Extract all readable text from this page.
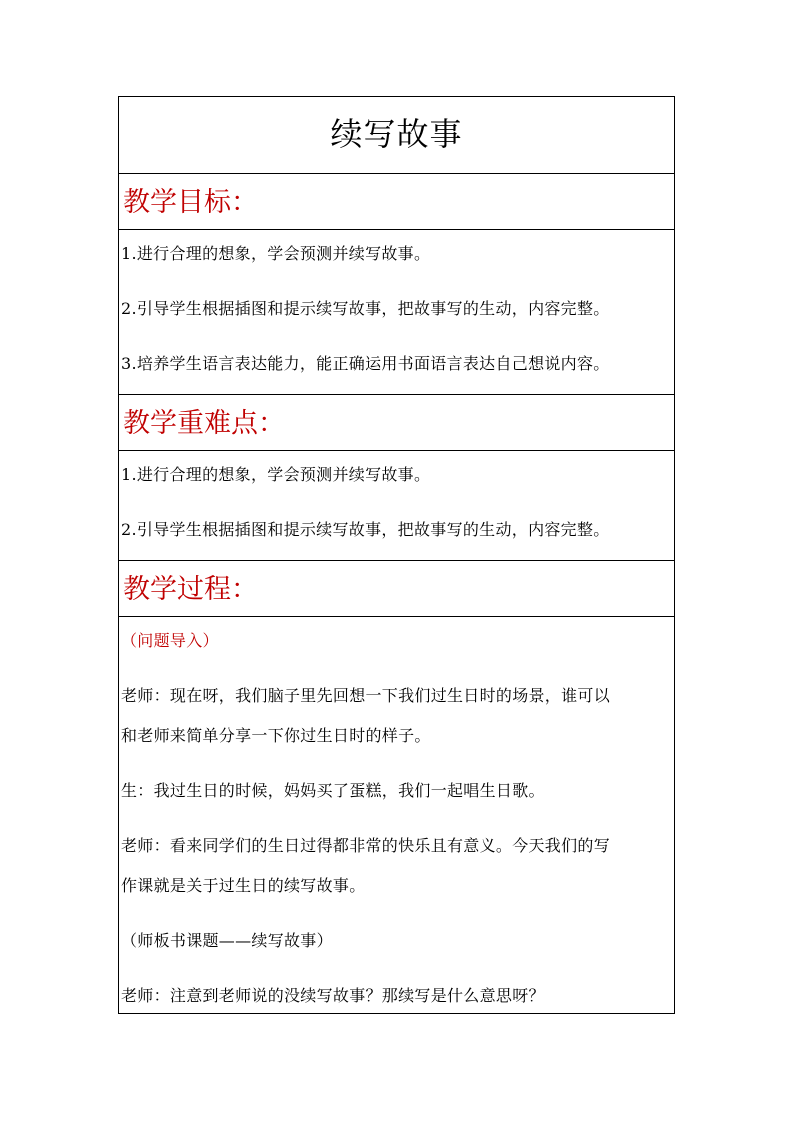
续写故事
教学目标：
1.进行合理的想象，学会预测并续写故事。
2.引导学生根据插图和提示续写故事，把故事写的生动，内容完整。
3.培养学生语言表达能力，能正确运用书面语言表达自己想说内容。
教学重难点：
1.进行合理的想象，学会预测并续写故事。
2.引导学生根据插图和提示续写故事，把故事写的生动，内容完整。
教学过程：
（问题导入）
老师：现在呀，我们脑子里先回想一下我们过生日时的场景，谁可以
和老师来简单分享一下你过生日时的样子。
生：我过生日的时候，妈妈买了蛋糕，我们一起唱生日歌。
老师：看来同学们的生日过得都非常的快乐且有意义。今天我们的写
作课就是关于过生日的续写故事。
（师板书课题——续写故事）
老师：注意到老师说的没续写故事？那续写是什么意思呀？
